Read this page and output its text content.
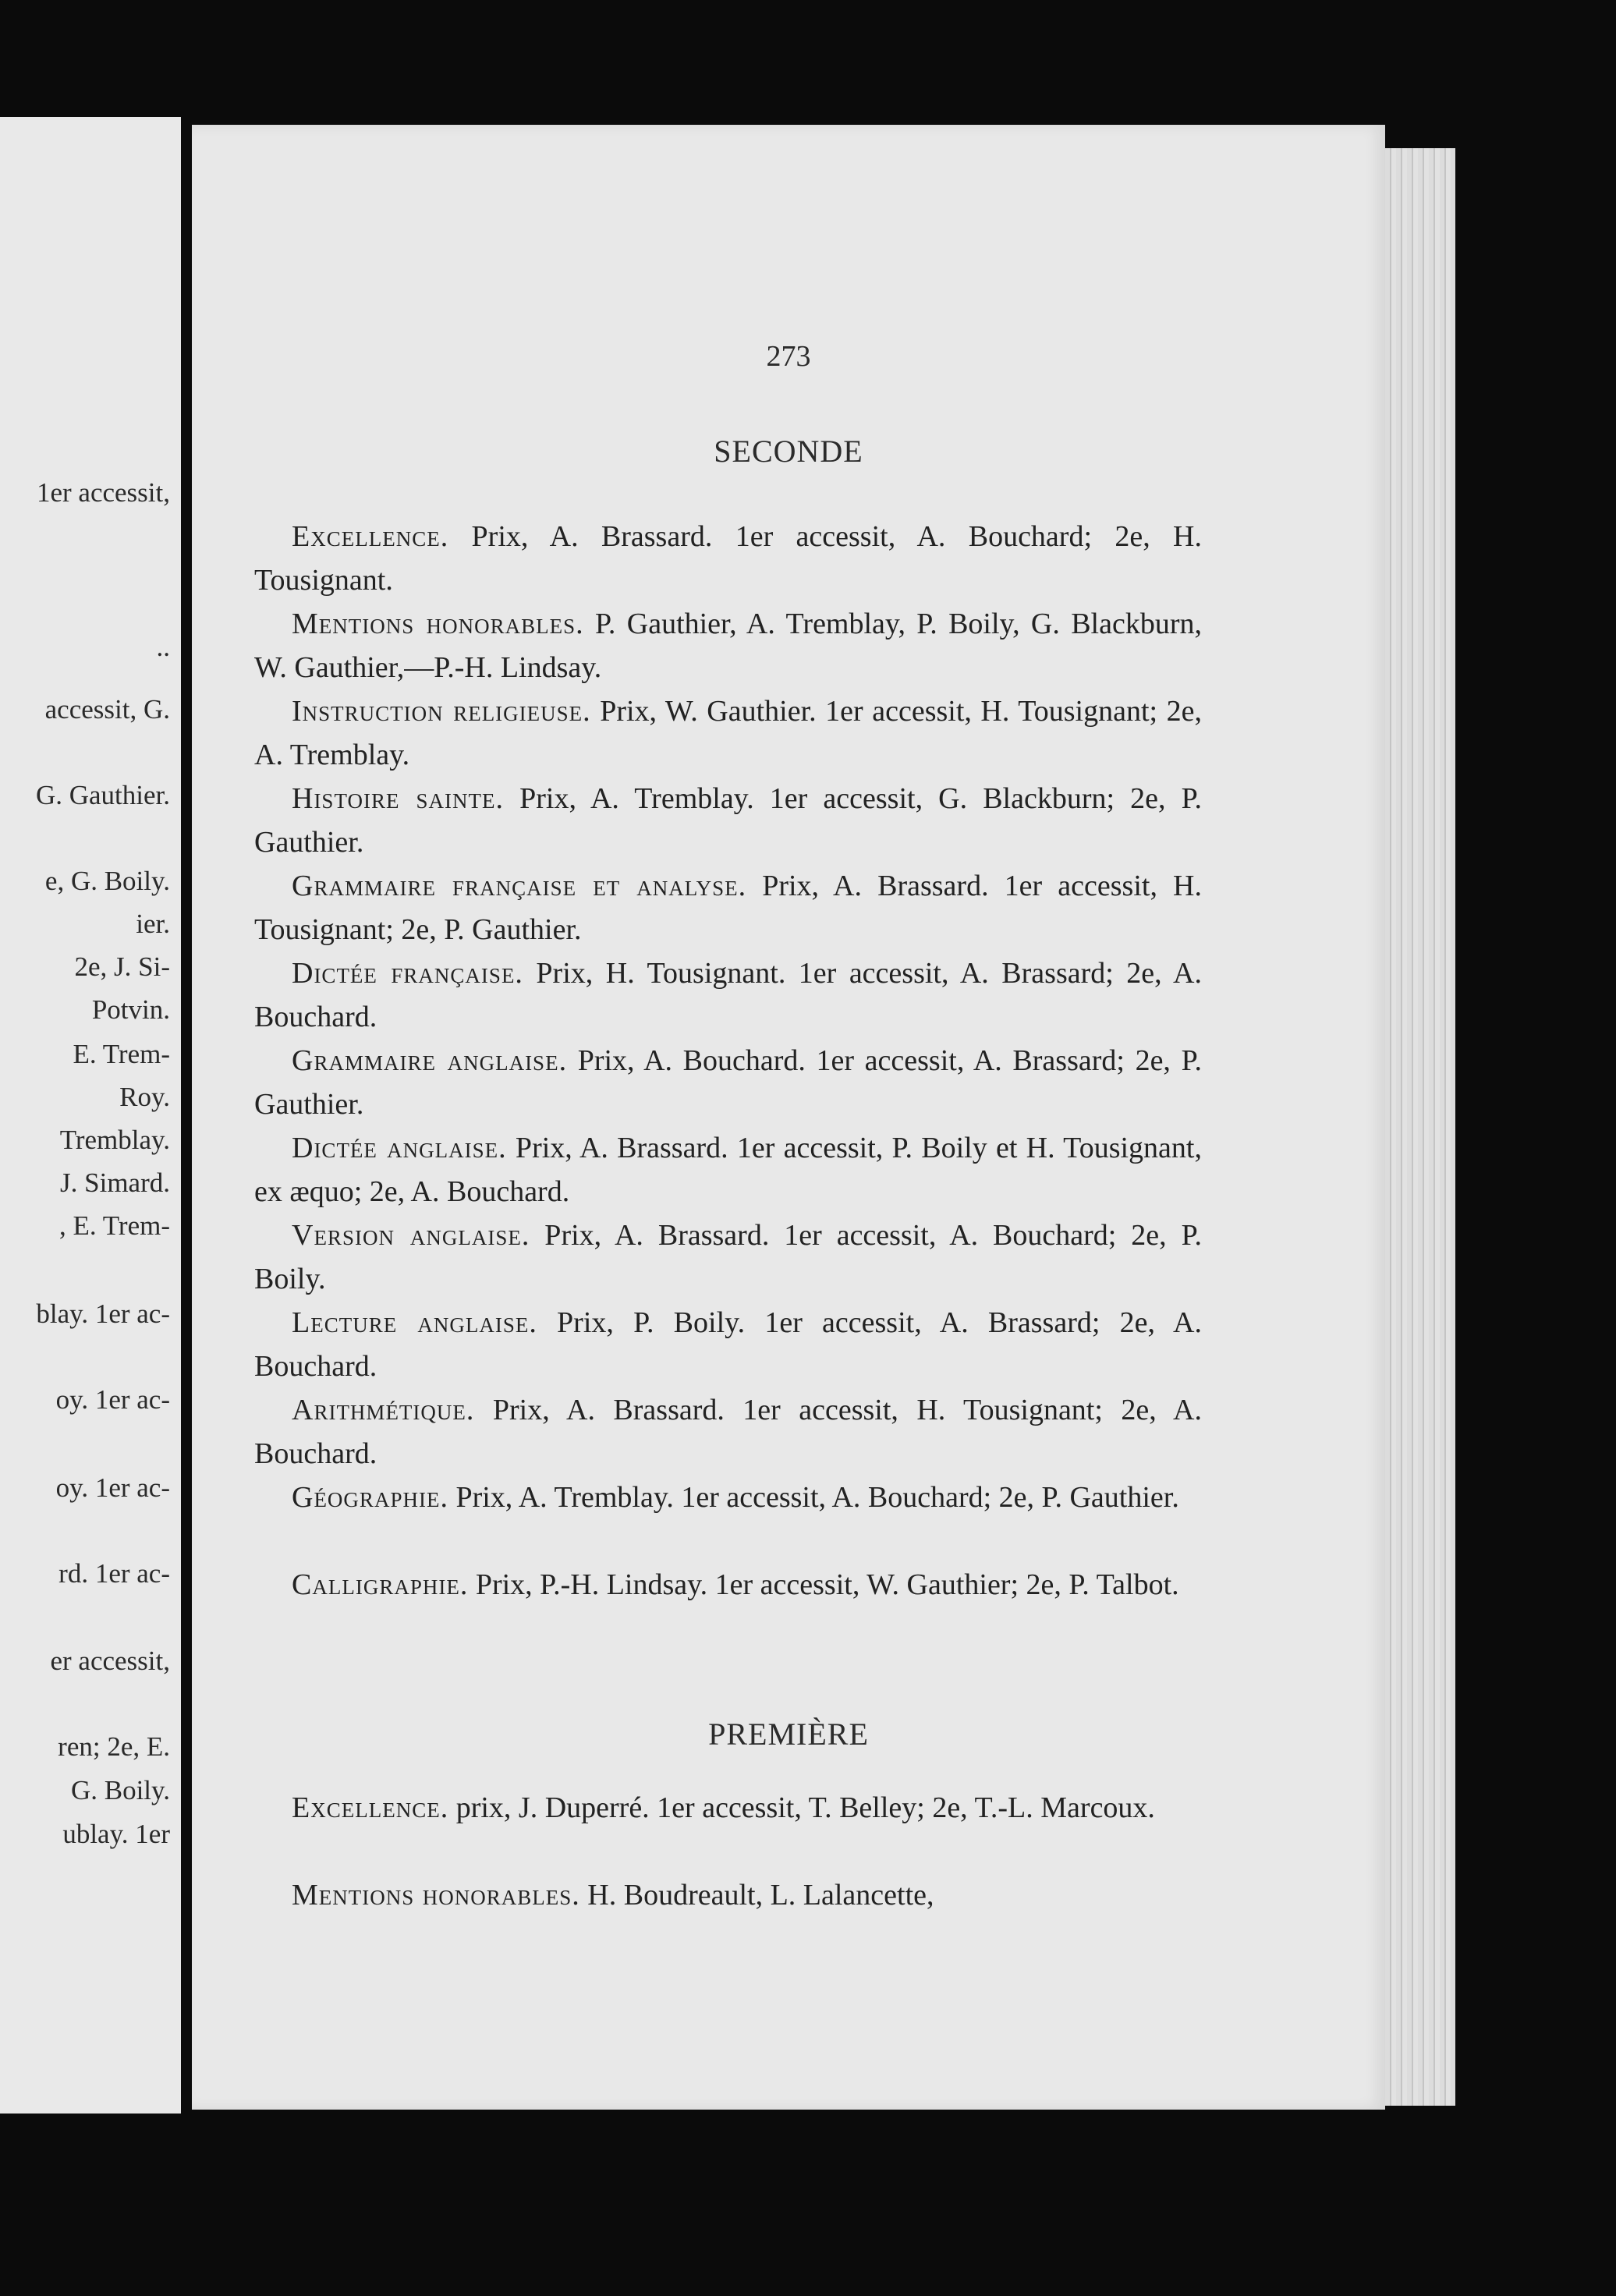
1er accessit,
..
accessit, G.
G. Gauthier.
e, G. Boily.
ier.
2e, J. Si-
Potvin.
E. Trem-
Roy.
Tremblay.
J. Simard.
, E. Trem-
blay. 1er ac-
oy. 1er ac-
oy. 1er ac-
rd. 1er ac-
er accessit,
ren; 2e, E.
G. Boily.
ublay. 1er
273
SECONDE
Excellence. Prix, A. Brassard. 1er accessit, A. Bouchard; 2e, H. Tousignant.
Mentions honorables. P. Gauthier, A. Tremblay, P. Boily, G. Blackburn, W. Gauthier,—P.-H. Lindsay.
Instruction religieuse. Prix, W. Gauthier. 1er accessit, H. Tousignant; 2e, A. Tremblay.
Histoire sainte. Prix, A. Tremblay. 1er accessit, G. Blackburn; 2e, P. Gauthier.
Grammaire française et analyse. Prix, A. Brassard. 1er accessit, H. Tousignant; 2e, P. Gauthier.
Dictée française. Prix, H. Tousignant. 1er accessit, A. Brassard; 2e, A. Bouchard.
Grammaire anglaise. Prix, A. Bouchard. 1er accessit, A. Brassard; 2e, P. Gauthier.
Dictée anglaise. Prix, A. Brassard. 1er accessit, P. Boily et H. Tousignant, ex æquo; 2e, A. Bouchard.
Version anglaise. Prix, A. Brassard. 1er accessit, A. Bouchard; 2e, P. Boily.
Lecture anglaise. Prix, P. Boily. 1er accessit, A. Brassard; 2e, A. Bouchard.
Arithmétique. Prix, A. Brassard. 1er accessit, H. Tousignant; 2e, A. Bouchard.
Géographie. Prix, A. Tremblay. 1er accessit, A. Bouchard; 2e, P. Gauthier.
Calligraphie. Prix, P.-H. Lindsay. 1er accessit, W. Gauthier; 2e, P. Talbot.
PREMIÈRE
Excellence. prix, J. Duperré. 1er accessit, T. Belley; 2e, T.-L. Marcoux.
Mentions honorables. H. Boudreault, L. Lalancette,
